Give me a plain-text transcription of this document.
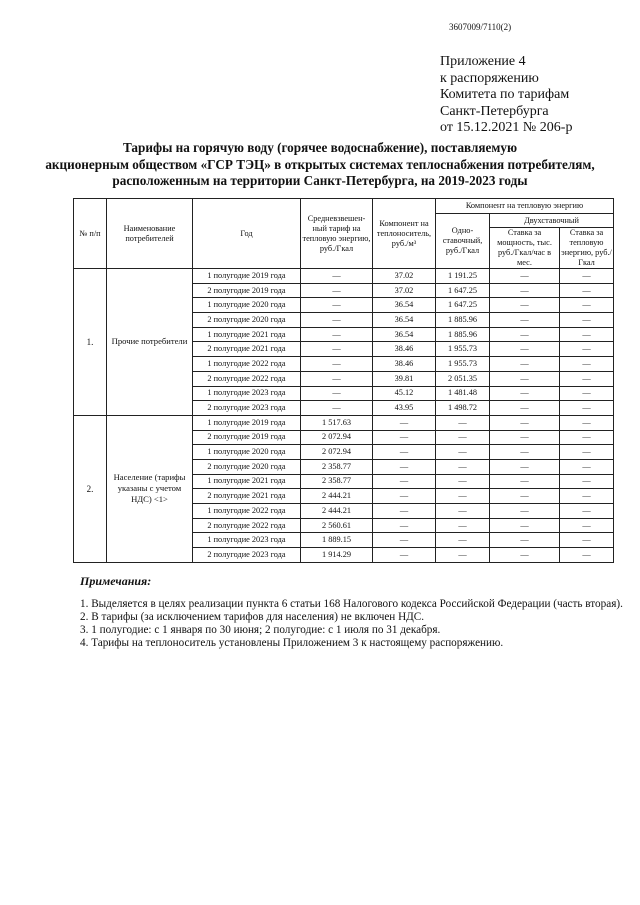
3607009/7110(2)
Приложение 4
к распоряжению
Комитета по тарифам
Санкт-Петербурга
от 15.12.2021 № 206-р
Тарифы на горячую воду (горячее водоснабжение), поставляемую
акционерным обществом «ГСР ТЭЦ» в открытых системах теплоснабжения потребителям,
расположенным на территории Санкт-Петербурга, на 2019-2023 годы
№ п/п	Наименование потребителей	Год	Средневзвешен-ный тариф на тепловую энергию, руб./Гкал	Компонент на теплоноситель, руб./м³	Компонент на тепловую энергию		
					Одно-ставочный, руб./Гкал	Двухставочный	
						Ставка за мощность, тыс. руб./Гкал/час в мес.	Ставка за тепловую энергию, руб./Гкал
1.	Прочие потребители	1 полугодие 2019 года	—	37.02	1 191.25	—	—
		2 полугодие 2019 года	—	37.02	1 647.25	—	—
		1 полугодие 2020 года	—	36.54	1 647.25	—	—
		2 полугодие 2020 года	—	36.54	1 885.96	—	—
		1 полугодие 2021 года	—	36.54	1 885.96	—	—
		2 полугодие 2021 года	—	38.46	1 955.73	—	—
		1 полугодие 2022 года	—	38.46	1 955.73	—	—
		2 полугодие 2022 года	—	39.81	2 051.35	—	—
		1 полугодие 2023 года	—	45.12	1 481.48	—	—
		2 полугодие 2023 года	—	43.95	1 498.72	—	—
2.	Население (тарифы указаны с учетом НДС) <1>	1 полугодие 2019 года	1 517.63	—	—	—	—
		2 полугодие 2019 года	2 072.94	—	—	—	—
		1 полугодие 2020 года	2 072.94	—	—	—	—
		2 полугодие 2020 года	2 358.77	—	—	—	—
		1 полугодие 2021 года	2 358.77	—	—	—	—
		2 полугодие 2021 года	2 444.21	—	—	—	—
		1 полугодие 2022 года	2 444.21	—	—	—	—
		2 полугодие 2022 года	2 560.61	—	—	—	—
		1 полугодие 2023 года	1 889.15	—	—	—	—
		2 полугодие 2023 года	1 914.29	—	—	—	—
Примечания:
1. Выделяется в целях реализации пункта 6 статьи 168 Налогового кодекса Российской Федерации (часть вторая).
2. В тарифы (за исключением тарифов для населения) не включен НДС.
3. 1 полугодие: с 1 января по 30 июня; 2 полугодие: с 1 июля по 31 декабря.
4. Тарифы на теплоноситель установлены Приложением 3 к настоящему распоряжению.
